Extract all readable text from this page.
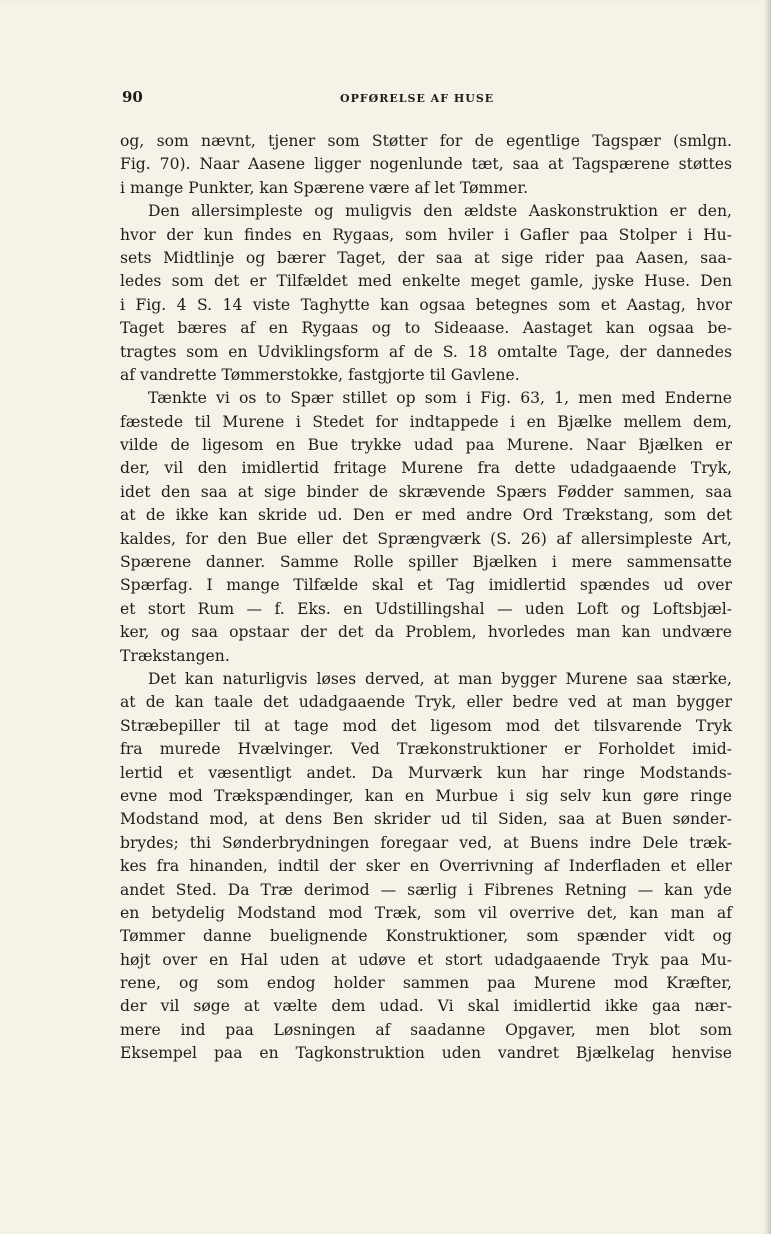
90	OPFØRELSE AF HUSE
og, som nævnt, tjener som Støtter for de egentlige Tagspær (smlgn.
Fig. 70). Naar Aasene ligger nogenlunde tæt, saa at Tagspærene støttes
i mange Punkter, kan Spærene være af let Tømmer.
Den allersimpleste og muligvis den ældste Aaskonstruktion er den,
hvor der kun findes en Rygaas, som hviler i Gafler paa Stolper i Hu-
sets Midtlinje og bærer Taget, der saa at sige rider paa Aasen, saa-
ledes som det er Tilfældet med enkelte meget gamle, jyske Huse. Den
i Fig. 4 S. 14 viste Taghytte kan ogsaa betegnes som et Aastag, hvor
Taget bæres af en Rygaas og to Sideaase. Aastaget kan ogsaa be-
tragtes som en Udviklingsform af de S. 18 omtalte Tage, der dannedes
af vandrette Tømmerstokke, fastgjorte til Gavlene.
Tænkte vi os to Spær stillet op som i Fig. 63, 1, men med Enderne
fæstede til Murene i Stedet for indtappede i en Bjælke mellem dem,
vilde de ligesom en Bue trykke udad paa Murene. Naar Bjælken er
der, vil den imidlertid fritage Murene fra dette udadgaaende Tryk,
idet den saa at sige binder de skrævende Spærs Fødder sammen, saa
at de ikke kan skride ud. Den er med andre Ord Trækstang, som det
kaldes, for den Bue eller det Sprængværk (S. 26) af allersimpleste Art,
Spærene danner. Samme Rolle spiller Bjælken i mere sammensatte
Spærfag. I mange Tilfælde skal et Tag imidlertid spændes ud over
et stort Rum — f. Eks. en Udstillingshal — uden Loft og Loftsbjæl-
ker, og saa opstaar der det da Problem, hvorledes man kan undvære
Trækstangen.
Det kan naturligvis løses derved, at man bygger Murene saa stærke,
at de kan taale det udadgaaende Tryk, eller bedre ved at man bygger
Stræbepiller til at tage mod det ligesom mod det tilsvarende Tryk
fra murede Hvælvinger. Ved Trækonstruktioner er Forholdet imid-
lertid et væsentligt andet. Da Murværk kun har ringe Modstands-
evne mod Trækspændinger, kan en Murbue i sig selv kun gøre ringe
Modstand mod, at dens Ben skrider ud til Siden, saa at Buen sønder-
brydes; thi Sønderbrydningen foregaar ved, at Buens indre Dele træk-
kes fra hinanden, indtil der sker en Overrivning af Inderfladen et eller
andet Sted. Da Træ derimod — særlig i Fibrenes Retning — kan yde
en betydelig Modstand mod Træk, som vil overrive det, kan man af
Tømmer danne buelignende Konstruktioner, som spænder vidt og
højt over en Hal uden at udøve et stort udadgaaende Tryk paa Mu-
rene, og som endog holder sammen paa Murene mod Kræfter,
der vil søge at vælte dem udad. Vi skal imidlertid ikke gaa nær-
mere ind paa Løsningen af saadanne Opgaver, men blot som
Eksempel paa en Tagkonstruktion uden vandret Bjælkelag henvise
